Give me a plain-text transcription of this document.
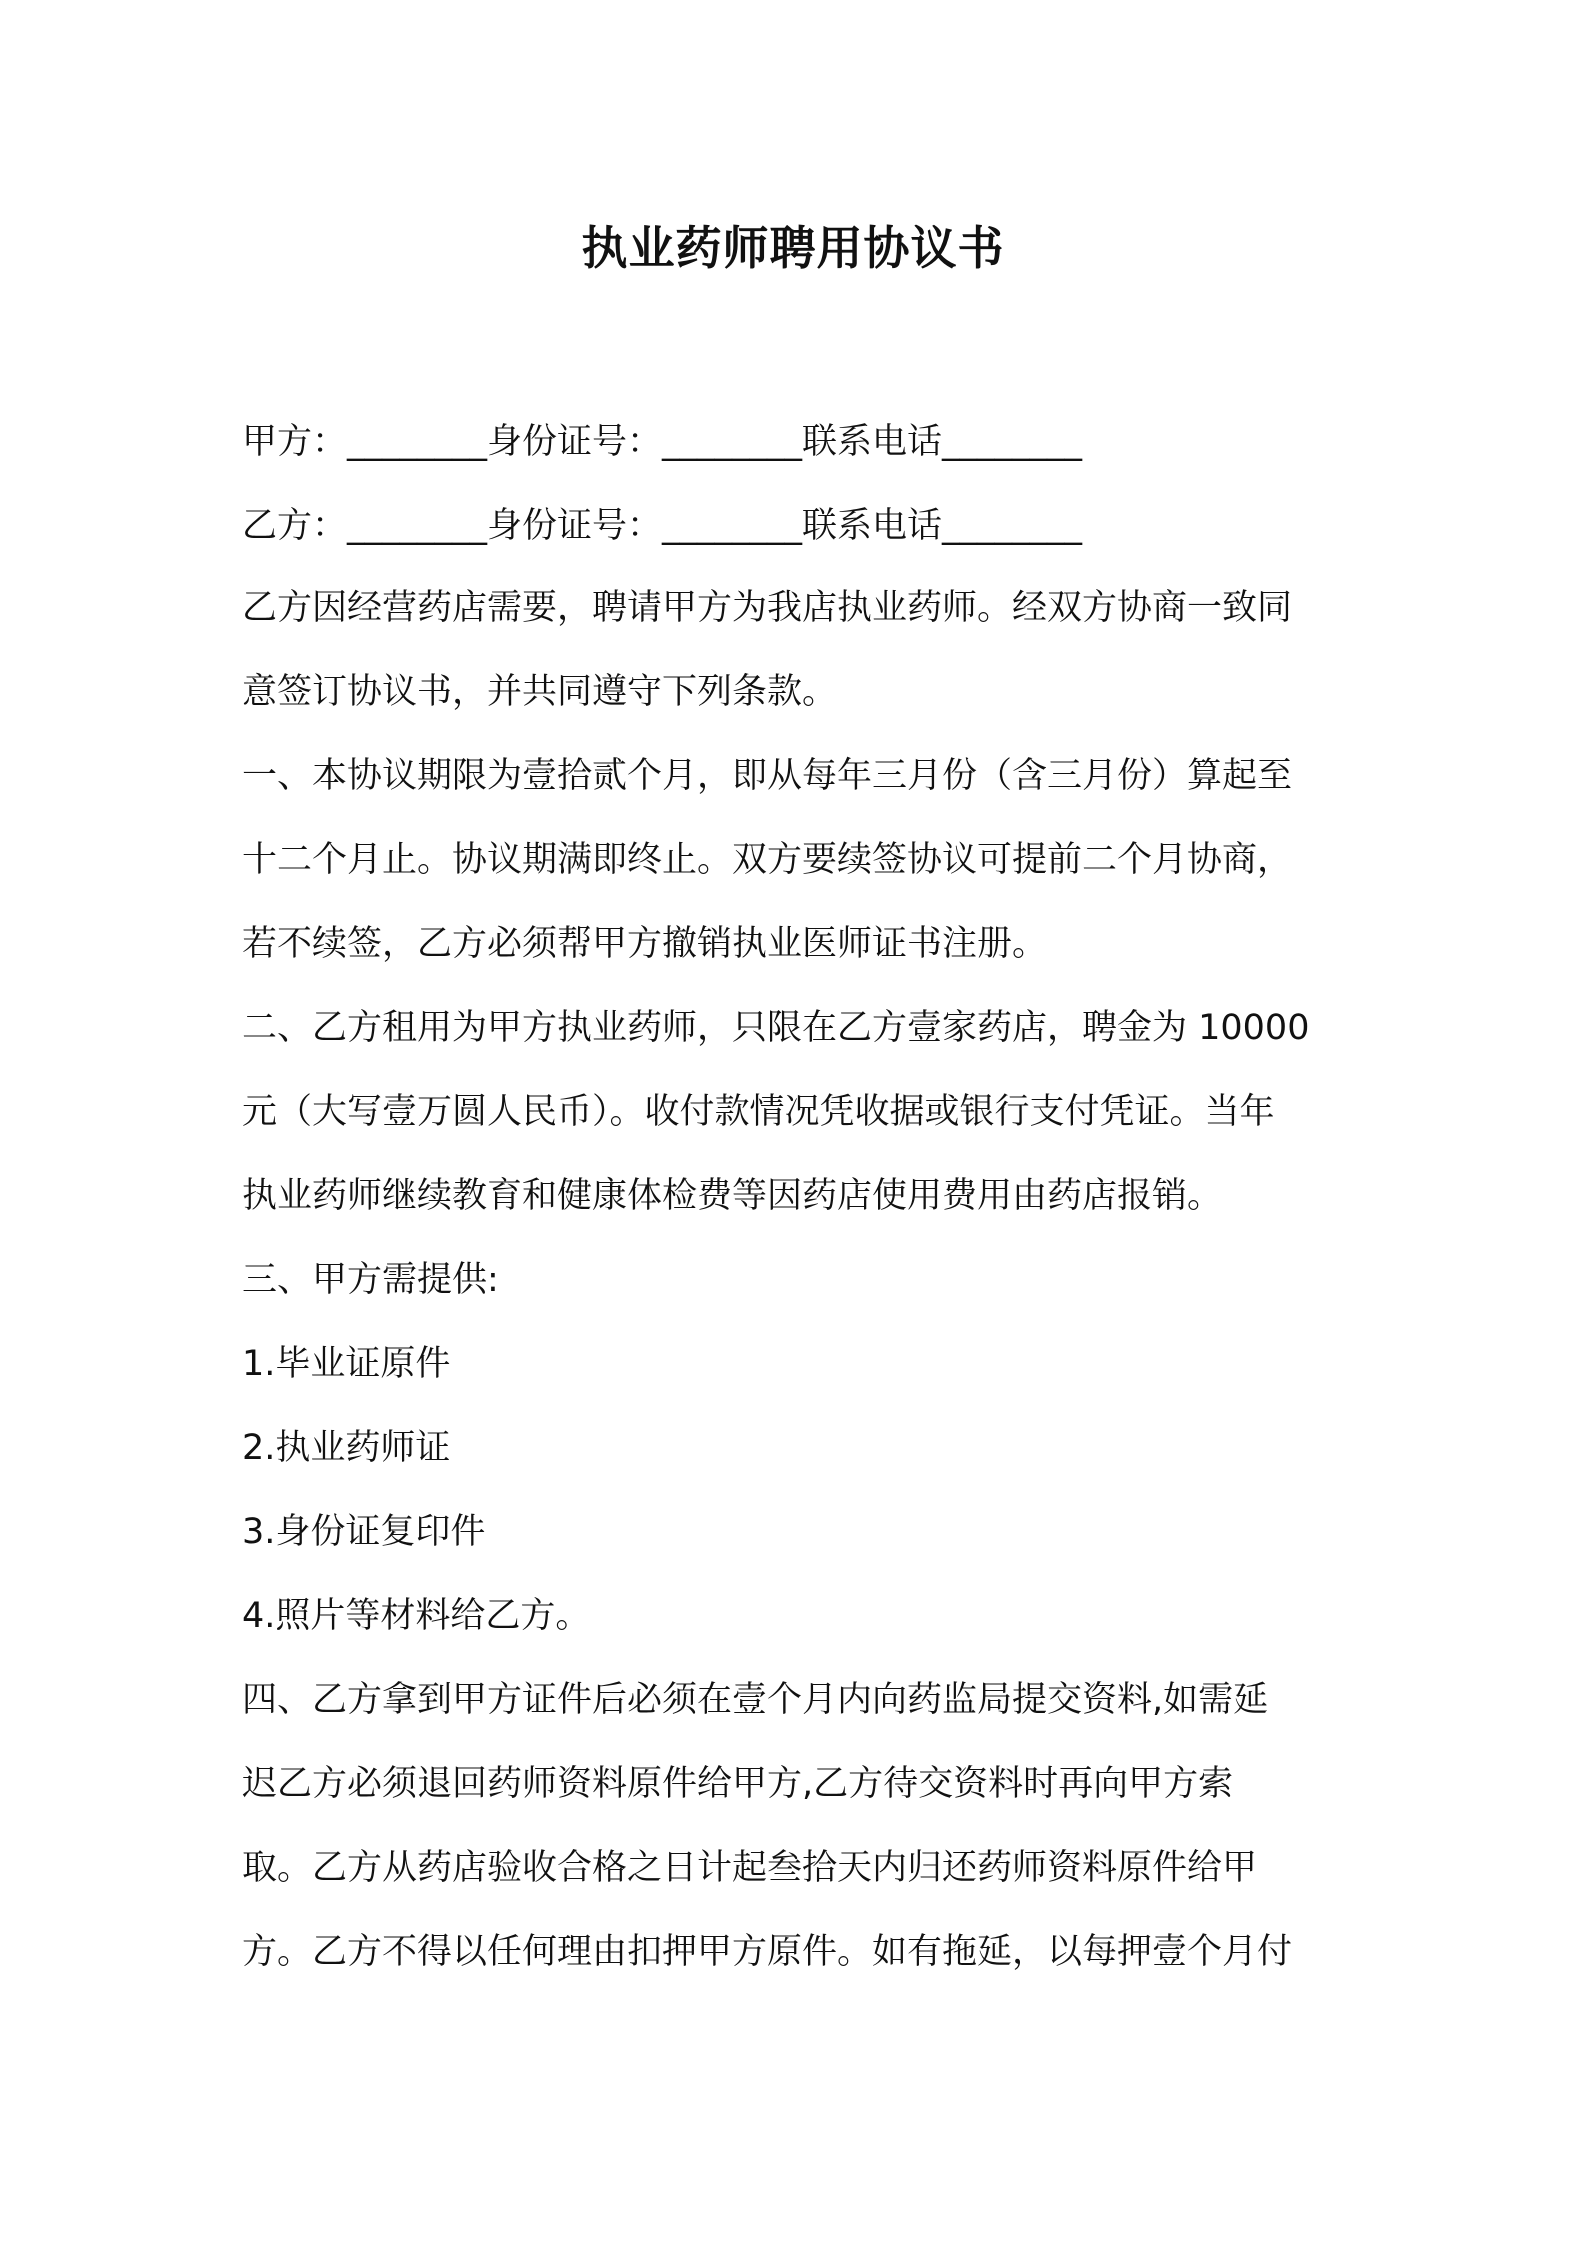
执业药师聘用协议书
甲方：________身份证号：________联系电话________
乙方：________身份证号：________联系电话________
乙方因经营药店需要，聘请甲方为我店执业药师。经双方协商一致同
意签订协议书，并共同遵守下列条款。
一、本协议期限为壹拾贰个月，即从每年三月份（含三月份）算起至
十二个月止。协议期满即终止。双方要续签协议可提前二个月协商，
若不续签，乙方必须帮甲方撤销执业医师证书注册。
二、乙方租用为甲方执业药师，只限在乙方壹家药店，聘金为 10000
元（大写壹万圆人民币）。收付款情况凭收据或银行支付凭证。当年
执业药师继续教育和健康体检费等因药店使用费用由药店报销。
三、甲方需提供:
1.毕业证原件
2.执业药师证
3.身份证复印件
4.照片等材料给乙方。
四、乙方拿到甲方证件后必须在壹个月内向药监局提交资料,如需延
迟乙方必须退回药师资料原件给甲方,乙方待交资料时再向甲方索
取。乙方从药店验收合格之日计起叁拾天内归还药师资料原件给甲
方。乙方不得以任何理由扣押甲方原件。如有拖延，以每押壹个月付
